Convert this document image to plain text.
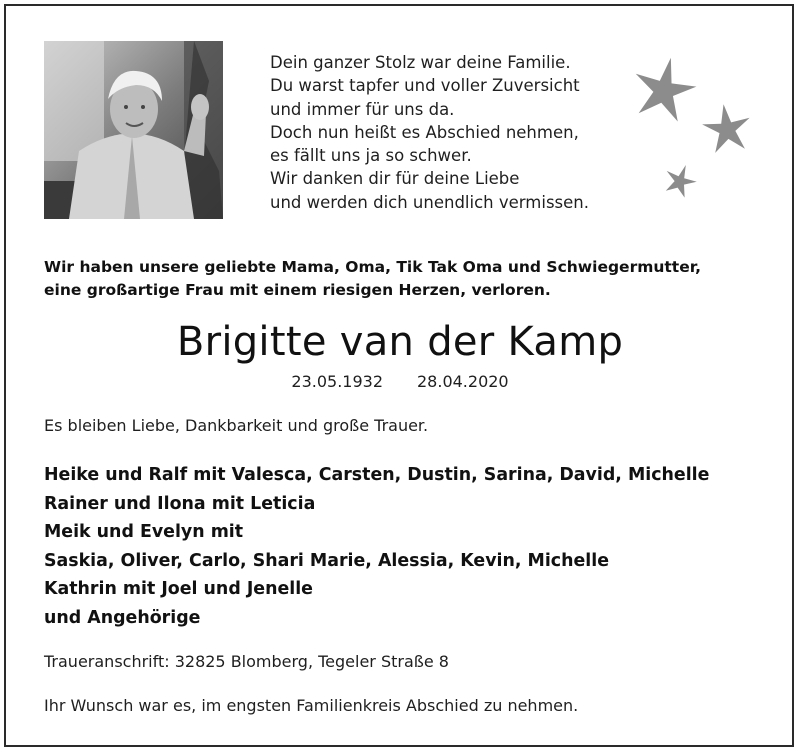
Dein ganzer Stolz war deine Familie.
Du warst tapfer und voller Zuversicht
und immer für uns da.
Doch nun heißt es Abschied nehmen,
es fällt uns ja so schwer.
Wir danken dir für deine Liebe
und werden dich unendlich vermissen.
Wir haben unsere geliebte Mama, Oma, Tik Tak Oma und Schwiegermutter,
eine großartige Frau mit einem riesigen Herzen, verloren.
Brigitte van der Kamp
23.05.1932 28.04.2020
Es bleiben Liebe, Dankbarkeit und große Trauer.
Heike und Ralf mit Valesca, Carsten, Dustin, Sarina, David, Michelle
Rainer und Ilona mit Leticia
Meik und Evelyn mit
Saskia, Oliver, Carlo, Shari Marie, Alessia, Kevin, Michelle
Kathrin mit Joel und Jenelle
und Angehörige
Traueranschrift: 32825 Blomberg, Tegeler Straße 8
Ihr Wunsch war es, im engsten Familienkreis Abschied zu nehmen.
